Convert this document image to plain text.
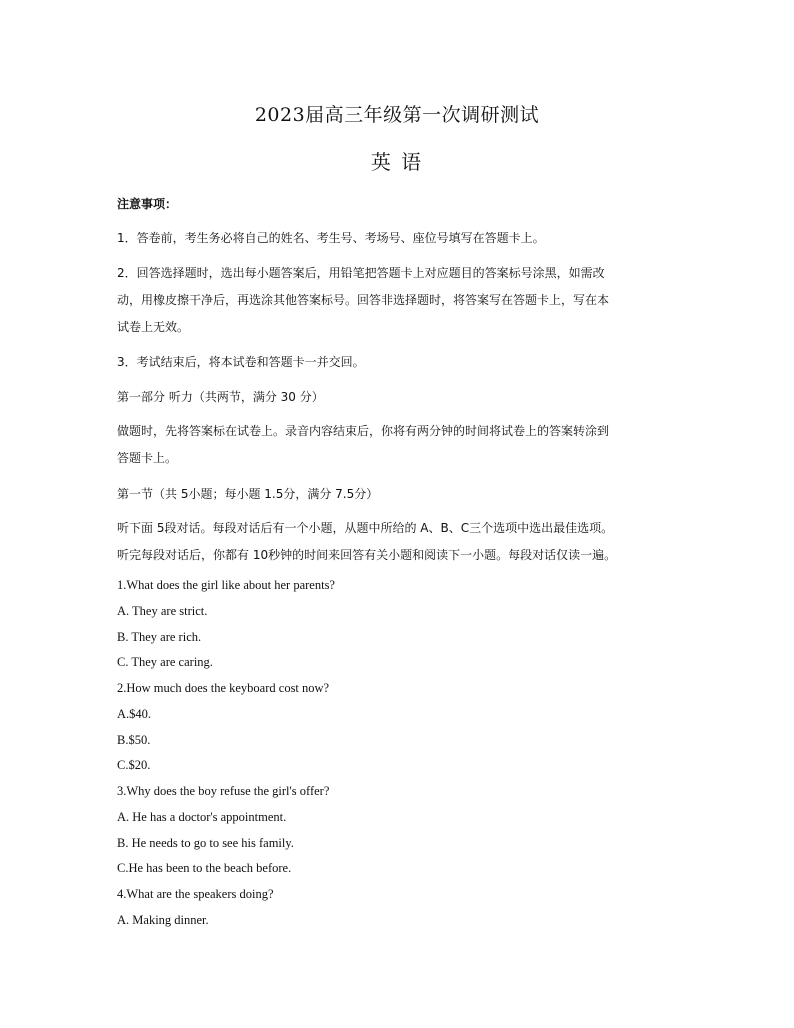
2023届高三年级第一次调研测试
英 语
注意事项：
1．答卷前，考生务必将自己的姓名、考生号、考场号、座位号填写在答题卡上。
2．回答选择题时，选出每小题答案后，用铅笔把答题卡上对应题目的答案标号涂黑，如需改
动，用橡皮擦干净后，再选涂其他答案标号。回答非选择题时，将答案写在答题卡上，写在本
试卷上无效。
3．考试结束后，将本试卷和答题卡一并交回。
第一部分 听力（共两节，满分 30 分）
做题时，先将答案标在试卷上。录音内容结束后，你将有两分钟的时间将试卷上的答案转涂到
答题卡上。
第一节（共 5小题；每小题 1.5分，满分 7.5分）
听下面 5段对话。每段对话后有一个小题，从题中所给的 A、B、C三个选项中选出最佳选项。
听完每段对话后，你都有 10秒钟的时间来回答有关小题和阅读下一小题。每段对话仅读一遍。
1.What does the girl like about her parents?
A. They are strict.
B. They are rich.
C. They are caring.
2.How much does the keyboard cost now?
A.$40.
B.$50.
C.$20.
3.Why does the boy refuse the girl's offer?
A. He has a doctor's appointment.
B. He needs to go to see his family.
C.He has been to the beach before.
4.What are the speakers doing?
A. Making dinner.
